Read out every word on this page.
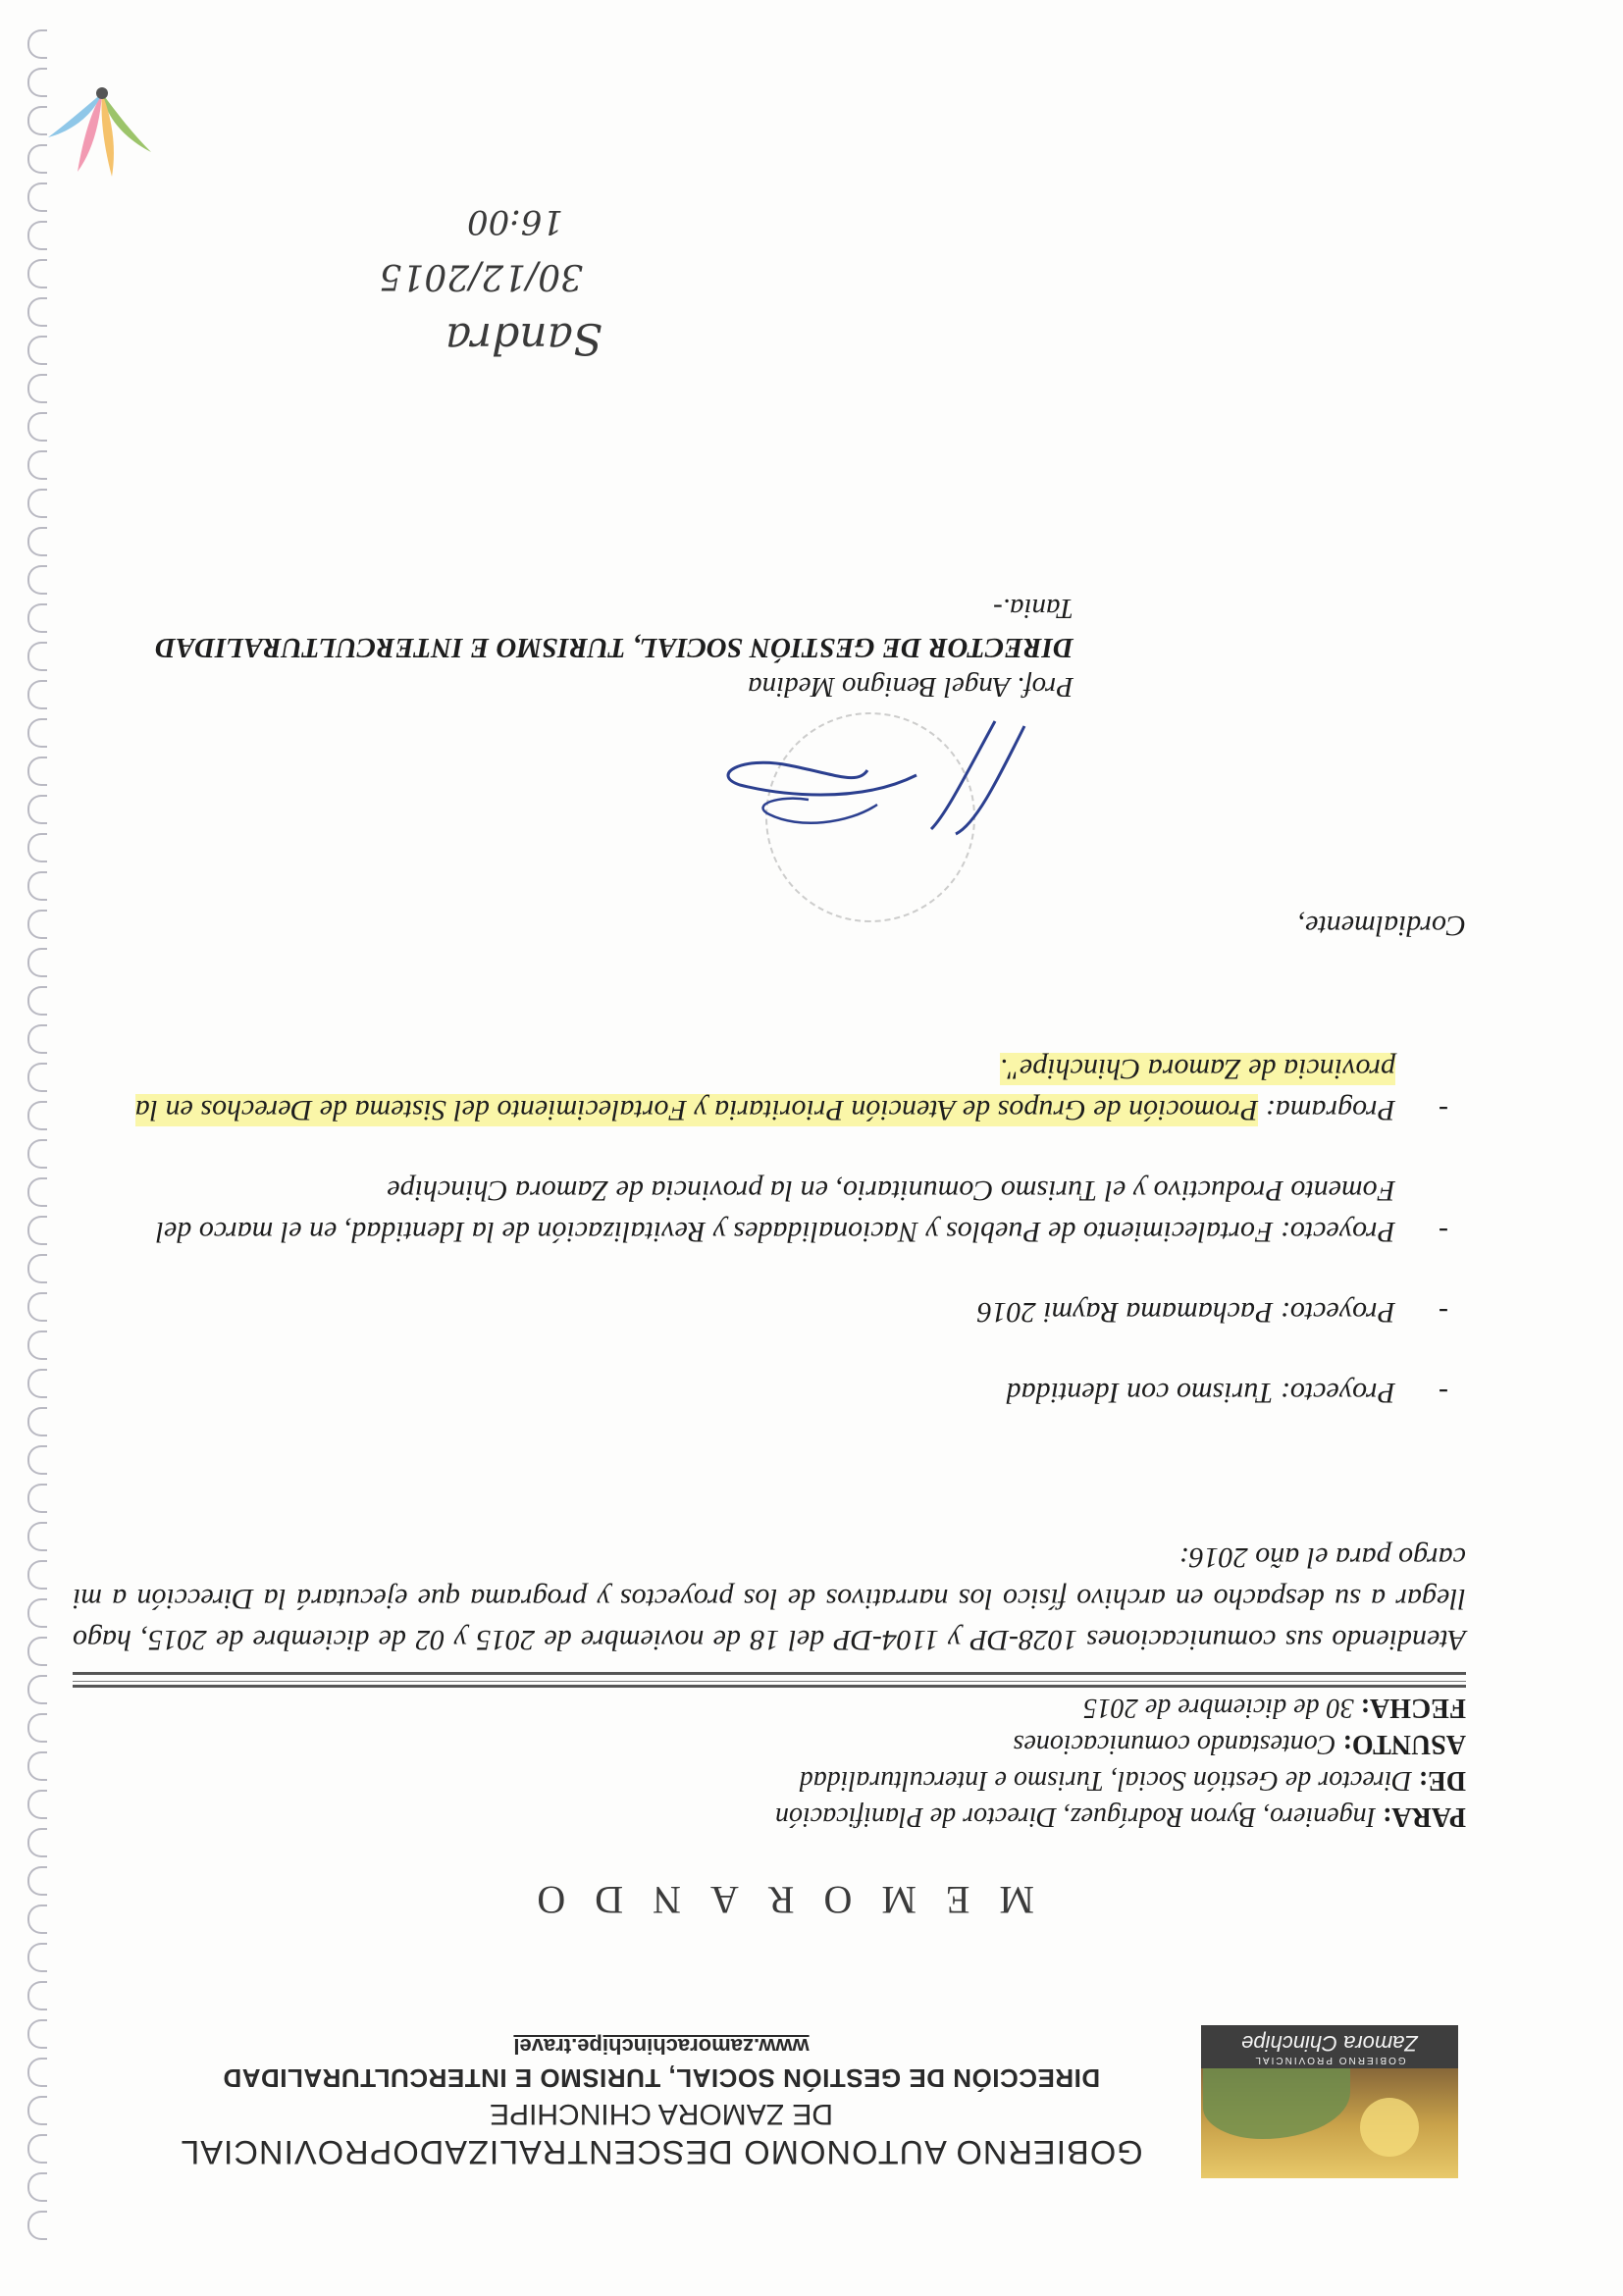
GOBIERNO PROVINCIAL
Zamora Chinchipe
GOBIERNO AUTONOMO DESCENTRALIZADOPROVINCIAL
DE ZAMORA CHINCHIPE
DIRECCIÓN DE GESTIÓN SOCIAL, TURISMO E INTERCULTURALIDAD
www.zamorachinchipe.travel
MEMORANDO
PARA: Ingeniero, Byron Rodríguez, Director de Planificación
DE: Director de Gestión Social, Turismo e Interculturalidad
ASUNTO: Contestando comunicaciones
FECHA: 30 de diciembre de 2015
Atendiendo sus comunicaciones 1028-DP y 1104-DP del 18 de noviembre de 2015 y 02 de diciembre de 2015, hago llegar a su despacho en archivo físico los narrativos de los proyectos y programa que ejecutará la Dirección a mi cargo para el año 2016:
-
Proyecto: Turismo con Identidad
-
Proyecto: Pachamama Raymi 2016
-
Proyecto: Fortalecimiento de Pueblos y Nacionalidades y Revitalización de la Identidad, en el marco del Fomento Productivo y el Turismo Comunitario, en la provincia de Zamora Chinchipe
-
Programa: Promoción de Grupos de Atención Prioritaria y Fortalecimiento del Sistema de Derechos en la provincia de Zamora Chinchipe".
Cordialmente,
Prof. Angel Benigno Medina
DIRECTOR DE GESTIÓN SOCIAL, TURISMO E INTERCULTURALIDAD
Tania.-
Sandra
30/12/2015
16:00
